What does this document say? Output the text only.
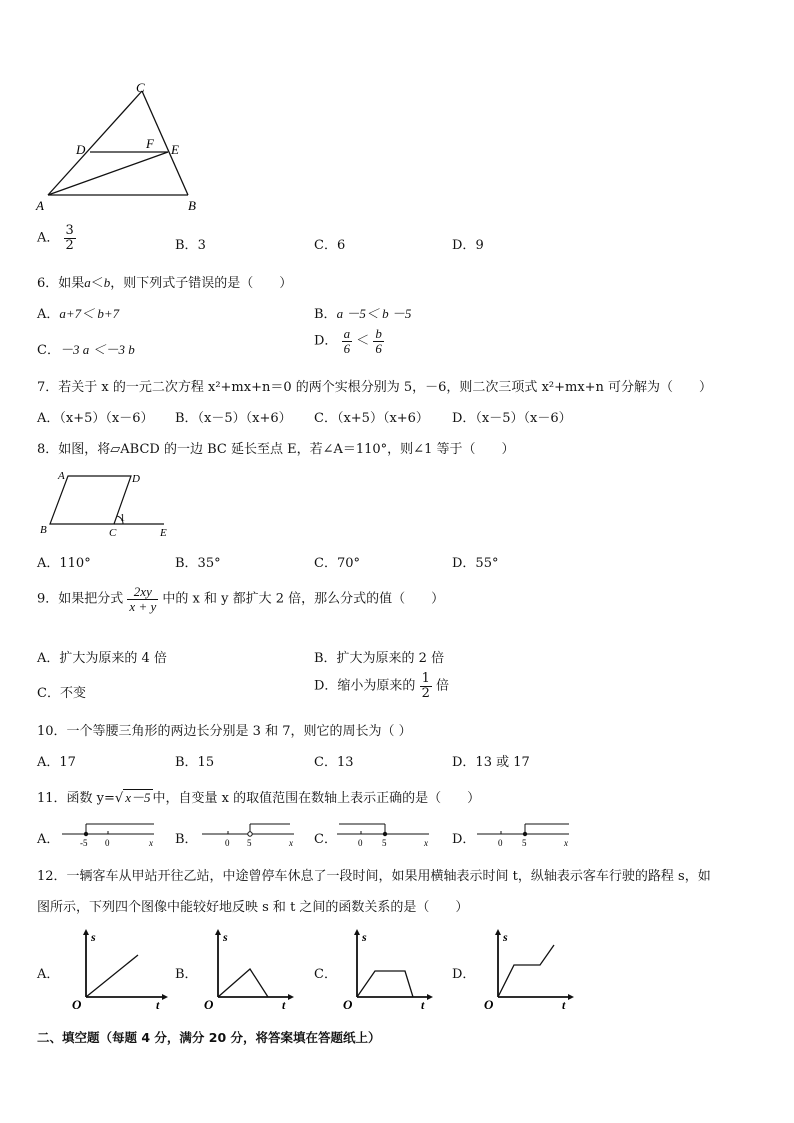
C
D	F E
A	B
A． $\frac{3}{2}$	B．3	C．6	D．9
6．如果a＜b，则下列式子错误的是（　　）
A．a+7＜ b+7	B．a －5＜ b －5
C．－3 a ＜－3 b
D． $\frac{a}{6} < \frac{b}{6}$
7．若关于 x 的一元二次方程 x²+mx+n＝0 的两个实根分别为 5，－6，则二次三项式 x²+mx+n 可分解为（　　）
A．（x+5）（x－6） B．（x－5）（x+6） C．（x+5）（x+6） D．（x－5）（x－6）
8．如图，将▱ABCD 的一边 BC 延长至点 E，若∠A＝110°，则∠1 等于（　　）
A	D
B	C	E
1
A．110°	B．35°	C．70°	D．55°
9．如果把分式 $\frac{2xy}{x + y}$ 中的 x 和 y 都扩大 2 倍，那么分式的值（　　）
A．扩大为原来的 4 倍	B．扩大为原来的 2 倍
C．不变	D．缩小为原来的 $\frac{1}{2}$ 倍
10．一个等腰三角形的两边长分别是 3 和 7，则它的周长为（ ）
A．17	B．15	C．13	D．13 或 17
11．函数 y=√ x－5 中，自变量 x 的取值范围在数轴上表示正确的是（　　）
A． -5 0	x B．	0 5	x C． 0 5	x D．	0 5	x
12．一辆客车从甲站开往乙站，中途曾停车休息了一段时间，如果用横轴表示时间 t，纵轴表示客车行驶的路程 s，如
图所示，下列四个图像中能较好地反映 s 和 t 之间的函数关系的是（　　）
A．
s
t
O
B．
s
t
O
C．
s
t
O
D．
s
t
O
二、填空题（每题 4 分，满分 20 分，将答案填在答题纸上）
